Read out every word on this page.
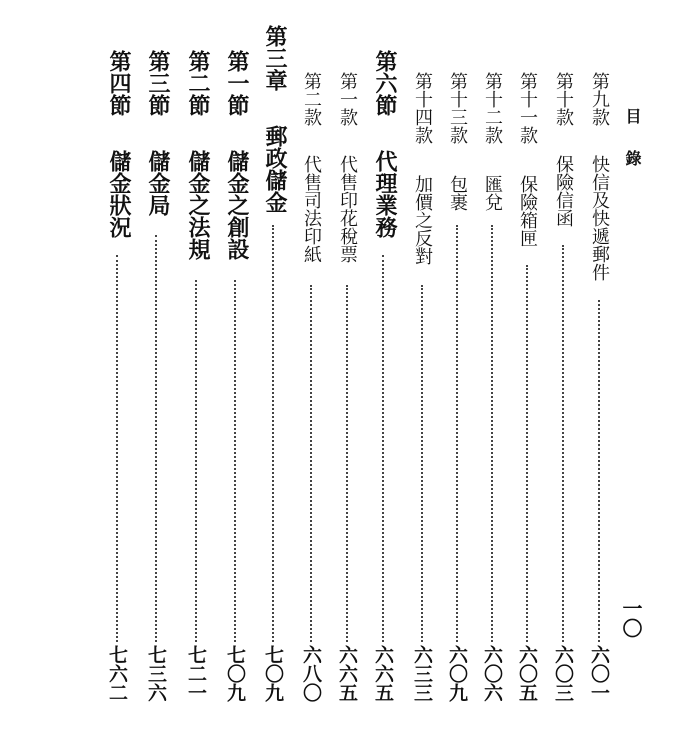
目錄
一〇
第九款
快信及快遞郵件
六〇一
第十款
保險信函
六〇三
第十一款
保險箱匣
六〇五
第十二款
匯兌
六〇六
第十三款
包裹
六〇九
第十四款
加價之反對
六三三
第六節
代理業務
六六五
第一款
代售印花稅票
六六五
第二款
代售司法印紙
六八〇
第三章
郵政儲金
七〇九
第一節
儲金之創設
七〇九
第二節
儲金之法規
七二一
第三節
儲金局
七三六
第四節
儲金狀況
七六二
